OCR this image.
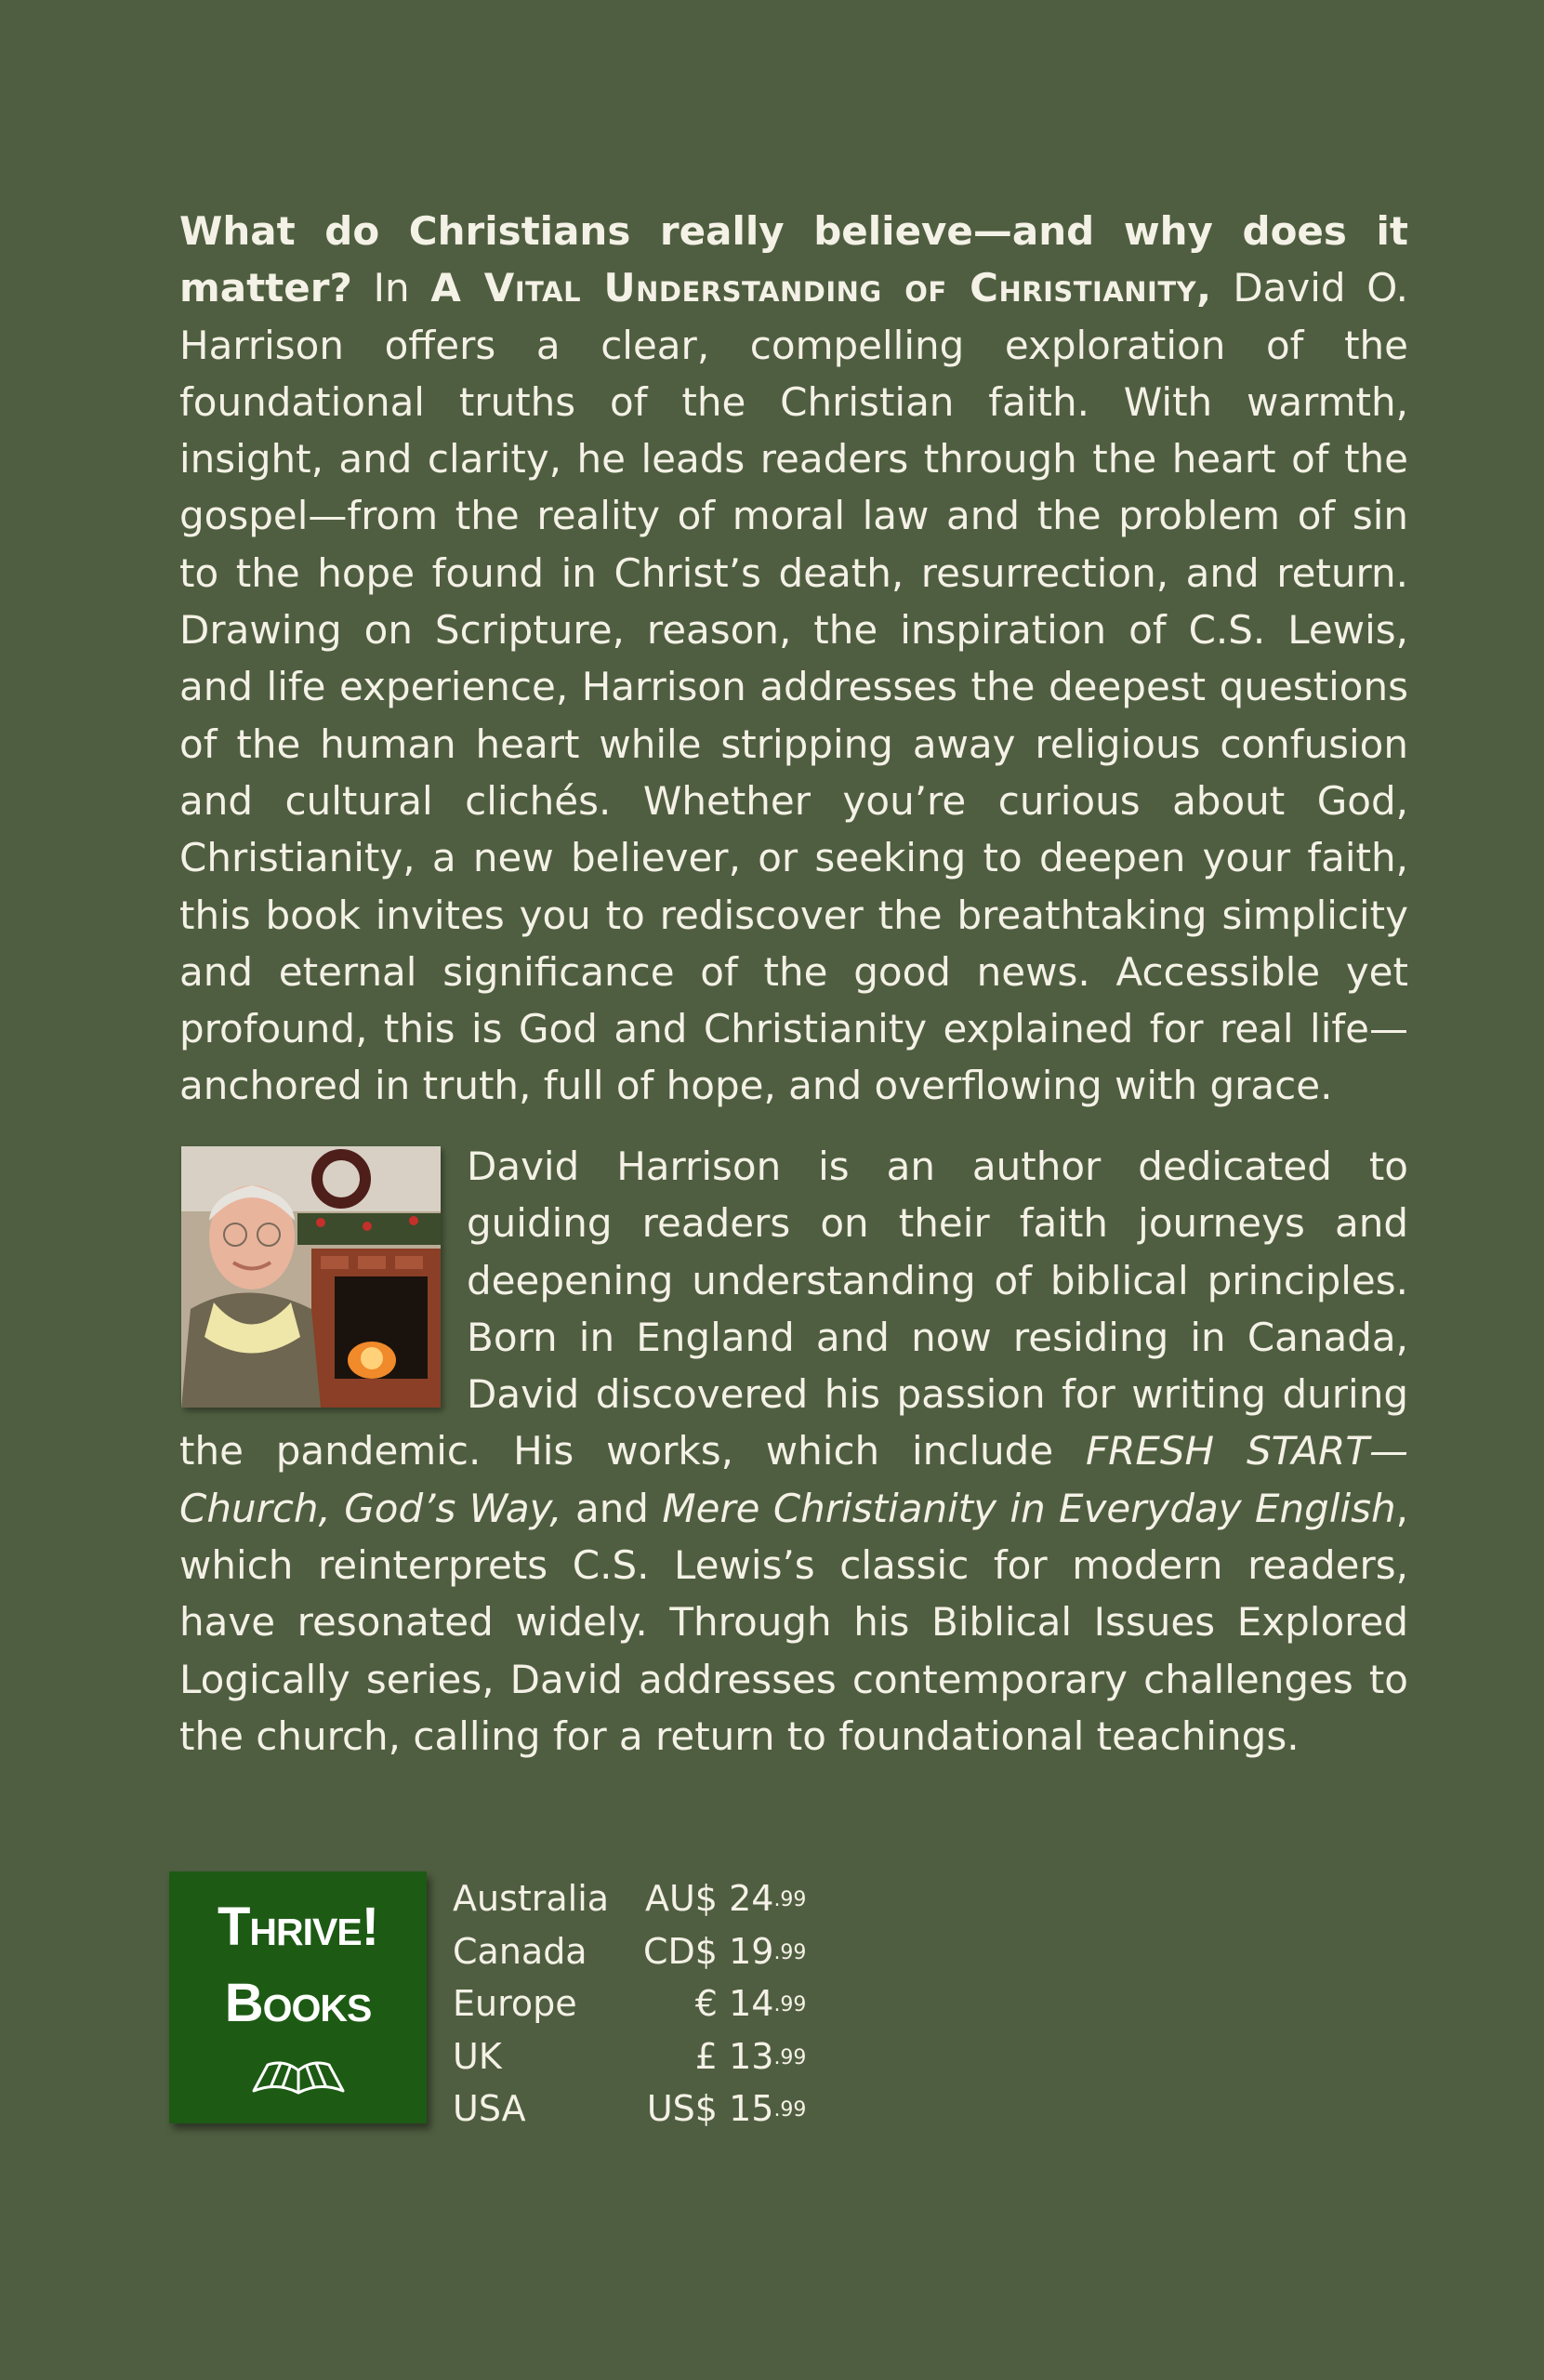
What do Christians really believe—and why does it matter? In A Vital Understanding of Christianity, David O. Harrison offers a clear, compelling exploration of the foundational truths of the Christian faith. With warmth, insight, and clarity, he leads readers through the heart of the gospel—from the reality of moral law and the problem of sin to the hope found in Christ’s death, resurrection, and return. Drawing on Scripture, reason, the inspiration of C.S. Lewis, and life experience, Harrison addresses the deepest questions of the human heart while stripping away religious confusion and cultural clichés. Whether you’re curious about God, Christianity, a new believer, or seeking to deepen your faith, this book invites you to rediscover the breathtaking simplicity and eternal significance of the good news. Accessible yet profound, this is God and Christianity explained for real life—anchored in truth, full of hope, and overflowing with grace.

David Harrison is an author dedicated to guiding readers on their faith journeys and deepening understanding of biblical principles. Born in England and now residing in Canada, David discovered his passion for writing during the pandemic. His works, which include FRESH START—Church, God’s Way, and Mere Christianity in Everyday English, which reinterprets C.S. Lewis’s classic for modern readers, have resonated widely. Through his Biblical Issues Explored Logically series, David addresses contemporary challenges to the church, calling for a return to foundational teachings.

Thrive!
Books
Australia	AU$ $24^{.99}$
Canada	CD$ $19^{.99}$
Europe	€ $14^{.99}$
UK	£ $13^{.99}$
USA	US$ $15^{.99}$
